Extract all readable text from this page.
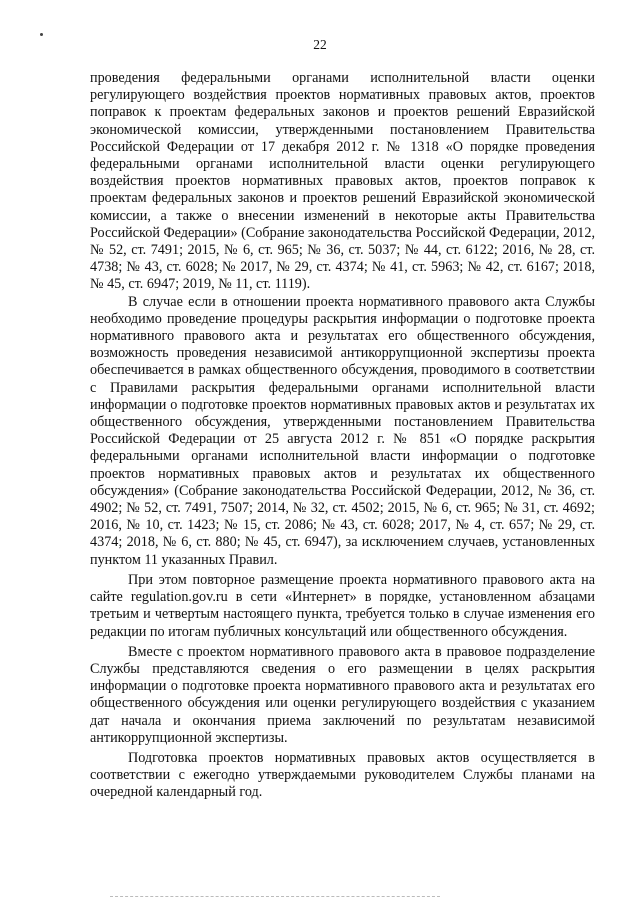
22

проведения федеральными органами исполнительной власти оценки регулирующего воздействия проектов нормативных правовых актов, проектов поправок к проектам федеральных законов и проектов решений Евразийской экономической комиссии, утвержденными постановлением Правительства Российской Федерации от 17 декабря 2012 г. № 1318 «О порядке проведения федеральными органами исполнительной власти оценки регулирующего воздействия проектов нормативных правовых актов, проектов поправок к проектам федеральных законов и проектов решений Евразийской экономической комиссии, а также о внесении изменений в некоторые акты Правительства Российской Федерации» (Собрание законодательства Российской Федерации, 2012, № 52, ст. 7491; 2015, № 6, ст. 965; № 36, ст. 5037; № 44, ст. 6122; 2016, № 28, ст. 4738; № 43, ст. 6028; № 2017, № 29, ст. 4374; № 41, ст. 5963; № 42, ст. 6167; 2018, № 45, ст. 6947; 2019, № 11, ст. 1119).

В случае если в отношении проекта нормативного правового акта Службы необходимо проведение процедуры раскрытия информации о подготовке проекта нормативного правового акта и результатах его общественного обсуждения, возможность проведения независимой антикоррупционной экспертизы проекта обеспечивается в рамках общественного обсуждения, проводимого в соответствии с Правилами раскрытия федеральными органами исполнительной власти информации о подготовке проектов нормативных правовых актов и результатах их общественного обсуждения, утвержденными постановлением Правительства Российской Федерации от 25 августа 2012 г. № 851 «О порядке раскрытия федеральными органами исполнительной власти информации о подготовке проектов нормативных правовых актов и результатах их общественного обсуждения» (Собрание законодательства Российской Федерации, 2012, № 36, ст. 4902; № 52, ст. 7491, 7507; 2014, № 32, ст. 4502; 2015, № 6, ст. 965; № 31, ст. 4692; 2016, № 10, ст. 1423; № 15, ст. 2086; № 43, ст. 6028; 2017, № 4, ст. 657; № 29, ст. 4374; 2018, № 6, ст. 880; № 45, ст. 6947), за исключением случаев, установленных пунктом 11 указанных Правил.

При этом повторное размещение проекта нормативного правового акта на сайте regulation.gov.ru в сети «Интернет» в порядке, установленном абзацами третьим и четвертым настоящего пункта, требуется только в случае изменения его редакции по итогам публичных консультаций или общественного обсуждения.

Вместе с проектом нормативного правового акта в правовое подразделение Службы представляются сведения о его размещении в целях раскрытия информации о подготовке проекта нормативного правового акта и результатах его общественного обсуждения или оценки регулирующего воздействия с указанием дат начала и окончания приема заключений по результатам независимой антикоррупционной экспертизы.

Подготовка проектов нормативных правовых актов осуществляется в соответствии с ежегодно утверждаемыми руководителем Службы планами на очередной календарный год.
